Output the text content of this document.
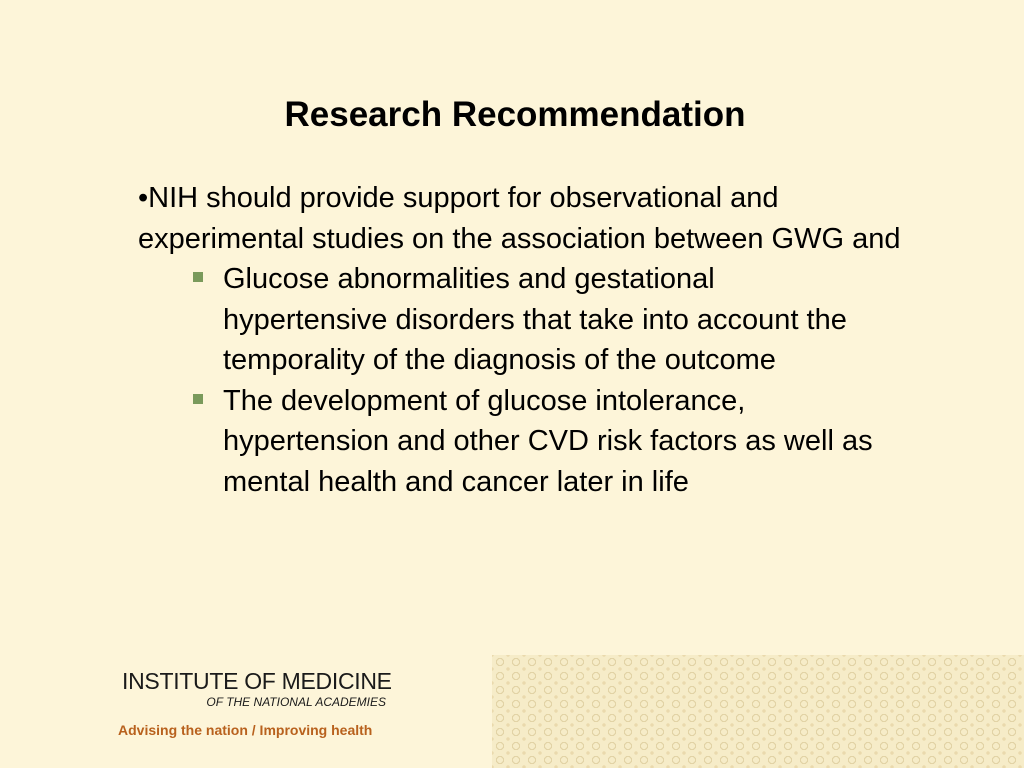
Research Recommendation

•NIH should provide support for observational and experimental studies on the association between GWG and

Glucose abnormalities and gestational hypertensive disorders that take into account the temporality of the diagnosis of the outcome
The development of glucose intolerance, hypertension and other CVD risk factors as well as mental health and cancer later in life
INSTITUTE OF MEDICINE
OF THE NATIONAL ACADEMIES
Advising the nation / Improving health
